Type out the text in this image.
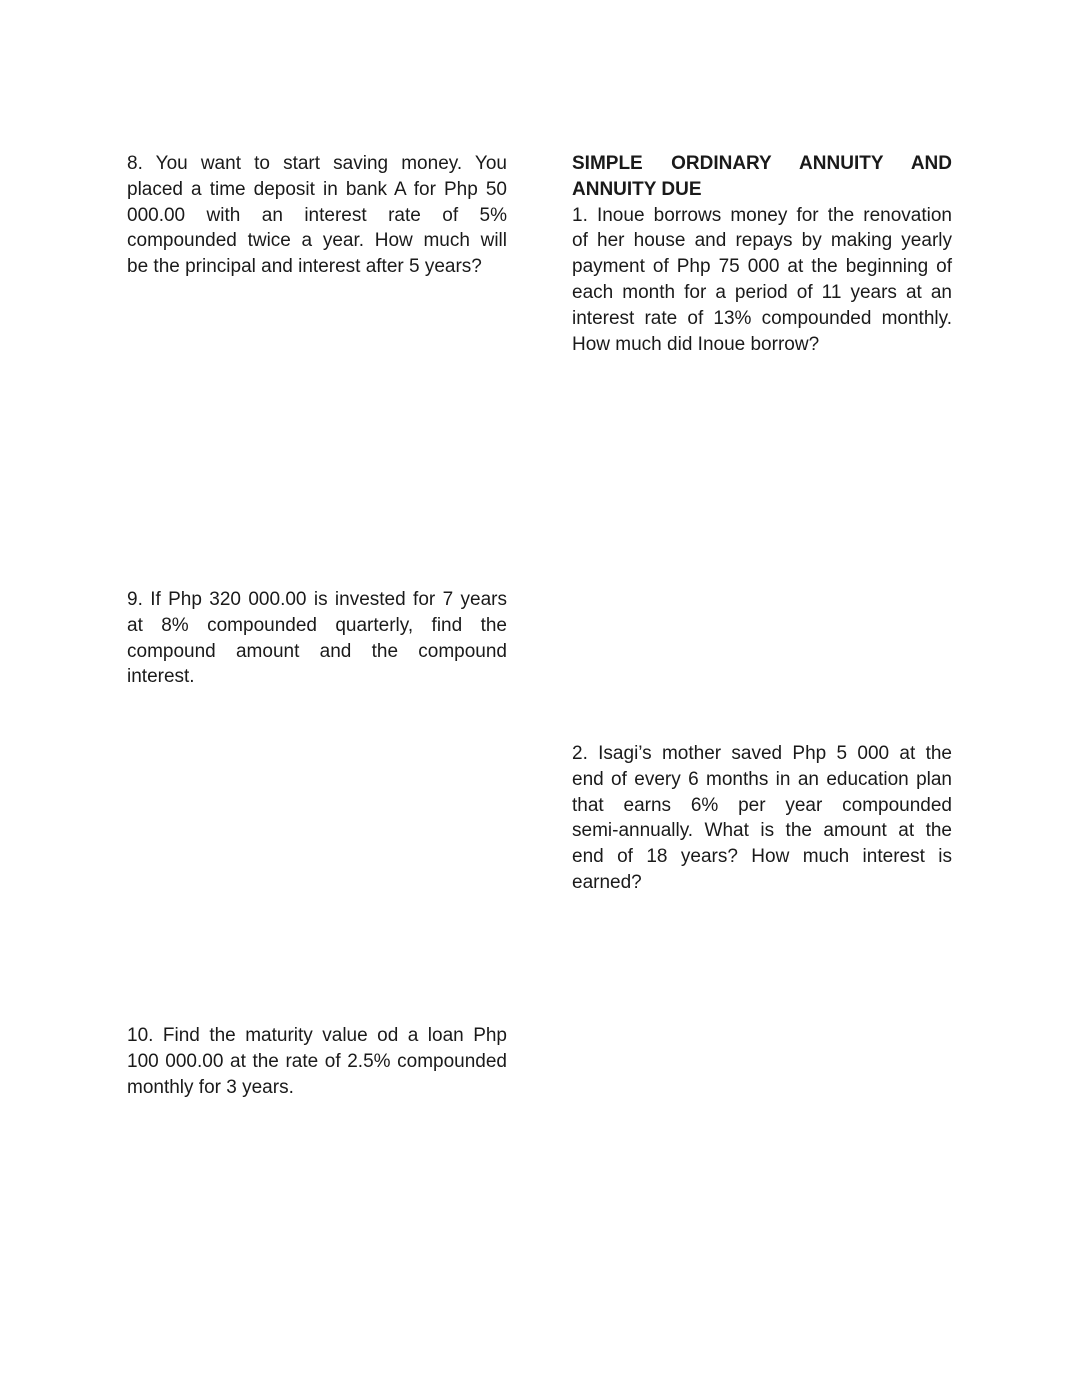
8. You want to start saving money. You
placed a time deposit in bank A for Php 50
000.00 with an interest rate of 5%
compounded twice a year. How much will
be the principal and interest after 5 years?
9. If Php 320 000.00 is invested for 7 years
at 8% compounded quarterly, find the
compound amount and the compound
interest.
10. Find the maturity value od a loan Php
100 000.00 at the rate of 2.5% compounded
monthly for 3 years.
SIMPLE ORDINARY ANNUITY AND
ANNUITY DUE
1. Inoue borrows money for the renovation
of her house and repays by making yearly
payment of Php 75 000 at the beginning of
each month for a period of 11 years at an
interest rate of 13% compounded monthly.
How much did Inoue borrow?
2. Isagi’s mother saved Php 5 000 at the
end of every 6 months in an education plan
that earns 6% per year compounded
semi-annually. What is the amount at the
end of 18 years? How much interest is
earned?
